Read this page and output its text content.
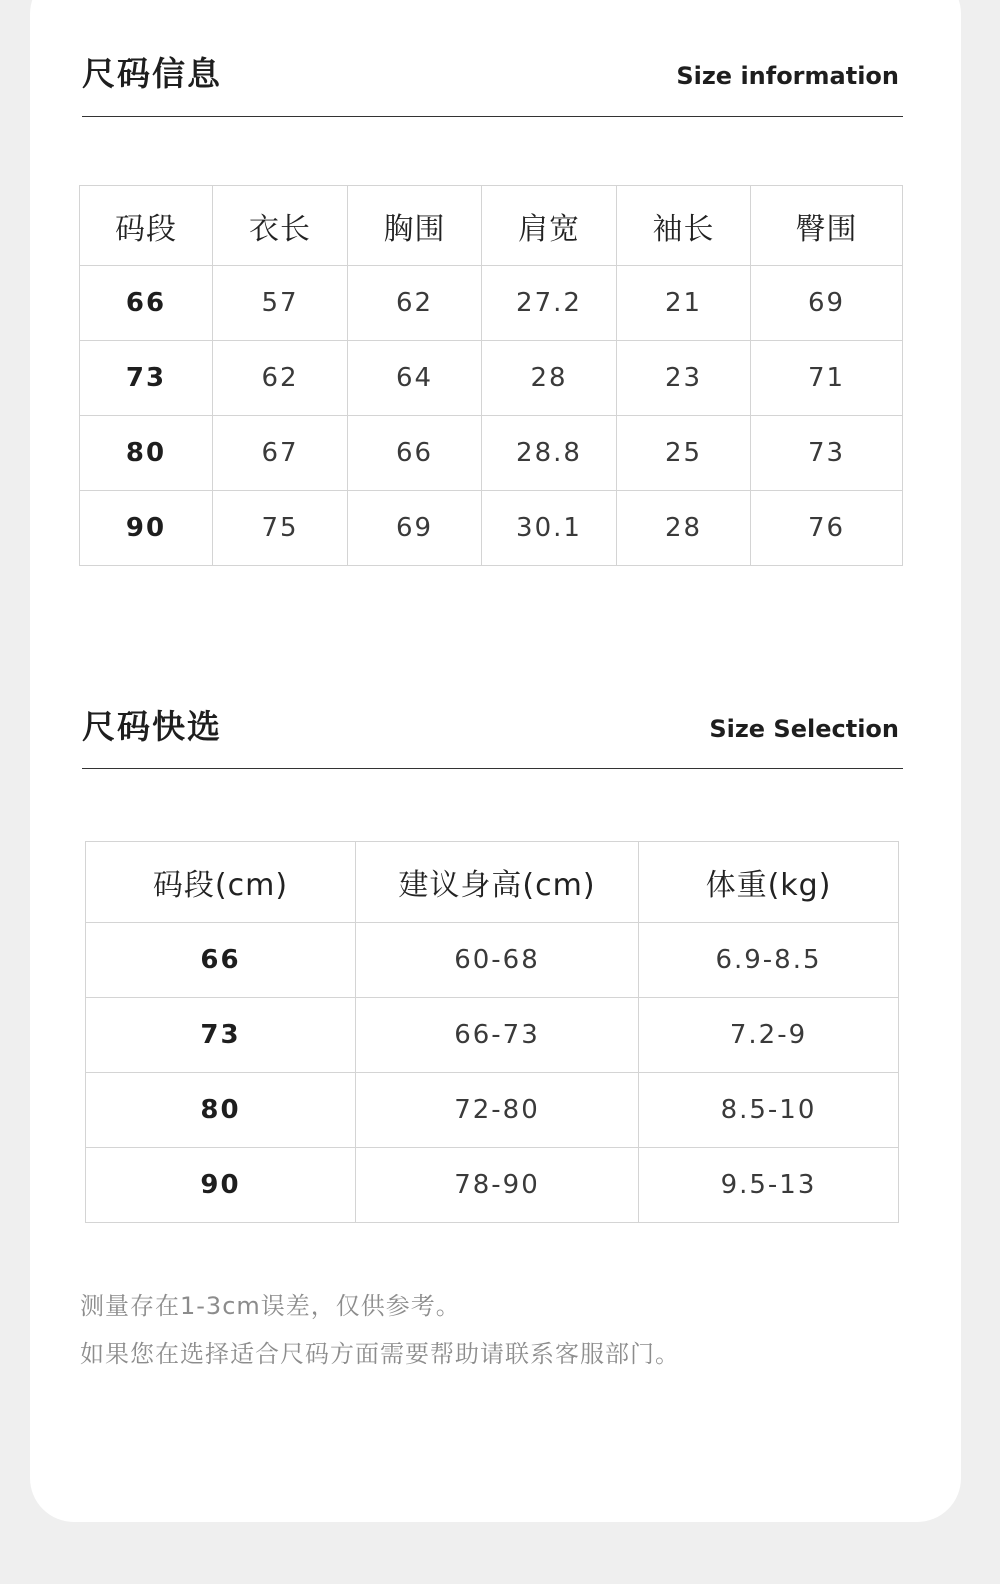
尺码信息	Size information
码段	衣长	胸围	肩宽	袖长	臀围
66	57	62	27.2	21	69
73	62	64	28	23	71
80	67	66	28.8	25	73
90	75	69	30.1	28	76
尺码快选	Size Selection
码段(cm)	建议身高(cm)	体重(kg)
66	60-68	6.9-8.5
73	66-73	7.2-9
80	72-80	8.5-10
90	78-90	9.5-13
测量存在1-3cm误差，仅供参考。
如果您在选择适合尺码方面需要帮助请联系客服部门。
